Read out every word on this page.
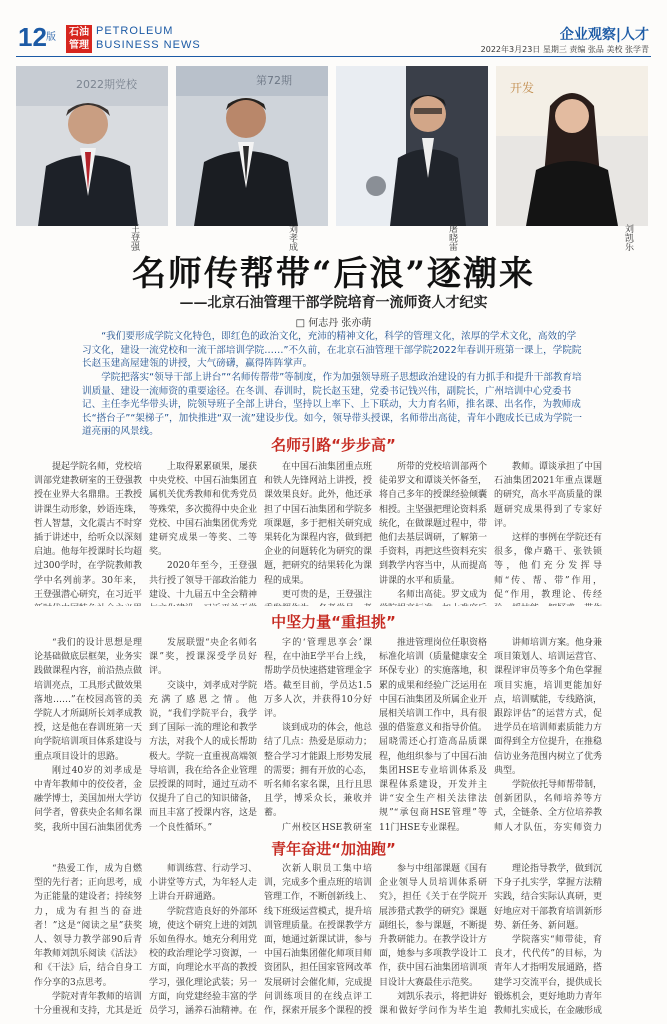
12 版	石油
管理
PETROLEUM
BUSINESS NEWS
企业观察|人才
2022年3月23日 星期三 责编 张品 美校 张学青
2022期党校	第72期
开发
王登强	刘孝成	屠晓雷	刘凯乐
名师传帮带“后浪”逐潮来
——北京石油管理干部学院培育一流师资人才纪实
□ 何志丹 张亦萌

“我们要形成学院文化特色，即红色的政治文化，充沛的精神文化，科学的管理文化，浓厚的学术文化，高效的学习文化，建设一流党校和一流干部培训学院……”不久前，在北京石油管理干部学院2022年春训开班第一课上，学院院长赵玉建高屋建瓴的讲授，大气磅礴，赢得阵阵掌声。

学院把落实“领导干部上讲台”“名师传帮带”等制度，作为加强领导班子思想政治建设的有力抓手和提升干部教育培训质量、建设一流师资的重要途径。在冬训、春训时，院长赵玉建，党委书记钱兴伟，副院长，广州培训中心党委书记、主任李光华带头讲，院领导班子全部上讲台，坚持以上率下、上下联动，大力育名师，推名课、出名作，为教师成长“搭台子”“架梯子”，加快推进“双一流”建设步伐。如今，领导带头授课，名师带出高徒，青年小跑成长已成为学院一道亮丽的风景线。

名师引路“步步高”

提起学院名师，党校培训部党建教研室的王登强教授在业界大名鼎鼎。王教授讲课生动形象，妙语连珠，哲人智慧，文化震古不时穿插于讲述中，给听众以深刻启迪。他每年授课时长均超过300学时，在学院教师教学中名列前茅。30年来，王登强潜心研究，在习近平

上取得累累硕果，屡获中央党校、中国石油集团直属机关优秀教师和优秀党员等殊荣，多次揽得中央企业党校、中国石油集团优秀党建研究成果一等奖、二等奖。

2020年至今，王登强共行授了领导干部政治能力建设、十九届五中全会精神

在中国石油集团重点班和铁人先锋网站上讲授，授课效果良好。此外，他还承担了中国石油集团和学院多项课题，多于把相关研究成果转化为课程内容，做到把企业的问题转化为研究的课题，把研究的结果转化为课程的成果。

更可贵的是，王登强注

所带的党校培训部两个徒弟罗文和谭谈关怀备至，将自己多年的授课经验倾囊相授。主坚强把理论资料系统化，在做课题过程中，带他们去基层调研，了解第一手资料，再把这些资料充实到教学内容当中，从而提高讲课的水平和质量。

名师出高徒。罗文成为

教师。谭谈承担了中国石油集团2021年重点课题的研究，高水平高质量的课题研究成果得到了专家好评。

这样的事例在学院还有很多，像卢璐干、张铁锁等，他们充分发挥导师“传、帮、带”作用，促“作用，教理论、传经

中坚力量“重担挑”

“我们的设计思想是理论基础做底层框架，业务实践做课程内容，前沿热点做培训亮点，工具形式做效果落地……”在校园高管的美学院人才所副所长刘孝成教授，这是他在春训班第一天向学院培训项目体系建设与重点项目设计的思路。

刚过40岁的刘孝成是中青年教师中的佼佼者，金融学博士，美国加州大学访问学者，曾获央企名师名课奖，我所中国石油集团优秀

发展联盟“央企名师名课”奖，授课深受学员好评。

交谈中，刘孝成对学院充满了感恩之情。他说，“我们学院平台，我学到了国际一流的理论和教学方法，对我个人的成长帮助极大。学院一直重视高端领导培训，我在给各企业管理层授课的同时，通过互动不仅提升了自己的知识储备，而且丰富了授课内容，这是一个良性循环。”

字的‘管理思享会’课程，在中油E学平台上线，帮助学员快速搭建管理金字塔。截至目前，学员达1.5万多人次，并获得10分好评。

谈到成功的体会，他总结了几点：热爱是原动力；整合学习才能跟上形势发展的需要；拥有开放的心态，听名师名家名课，且行且思且学，博采众长，兼收并蓄。

广州校区HSE教研室

推进管理岗位任职资格标准化培训（质量健康安全环保专业）的实施落地，积累的成果和经验广泛运用在中国石油集团及所属企业开展相关培训工作中，具有很强的借鉴意义和指导价值。屈晓需还心打造高品质课程，他组织参与了中国石油集团HSE专业培训体系及课程体系建设，开发并主讲“安全生产相关法律法规”“承包商HSE管理”等11门HSE专业课程。

讲师培训方案。他身兼项目策划人、培训运营官、课程评审员等多个角色掌握项目实施，培训更能加好点，培训赋能，专线路演，跟踪评估”的运营方式，促进学员在培训师素质能力方面得到全方位提升，在推稳信访业务范围内树立了优秀典型。

学院依托导师帮带制，创新团队，名师培养等方式，全链条、全方位培养教师人才队伍，夯实师资力

青年奋进“加油跑”

“热爱工作，成为自燃型的先行者；正向思考，成为正能量的建设者；持续努力，成为有担当的奋进者！”这是“阅读之星”获奖人、领导力教学部90后青年教师刘凯乐阅读《活法》和《干法》后，结合自身工作分享的3点思考。

学院对青年教师的培训十分重视和支持，尤其是近

师训练营、行动学习、小讲堂等方式，为年轻人走上讲台开辟通路。

学院营造良好的外部环境，使这个研究上进的刘凯乐如鱼得水。她充分利用党校的政治理论学习资源，一方面，向理论水平高的教授学习，强化理论武装；另一方面，向党建经验丰富的学员学习，涵养石油精神。在

次新人职员工集中培训，完成多个重点班的培训管理工作，不断创新线上、线下班级运营模式，提升培训管理质量。在授课教学方面，她通过新课试讲，参与中国石油集团催化师项目师资团队，担任国家管网改革发展研讨会催化师，完成提问训练项目的在线点评工作，探索开展多个课程的授

参与中组部课题《国有企业领导人员培训体系研究》，担任《关于在学院开展涉猎式教学的研究》课题副组长，参与课题，不断提升教研能力。在教学设计方面，她参与多项教学设计工作，获中国石油集团培训项目设计大赛最佳示范奖。

刘凯乐表示，将把讲好课和做好学问作为毕生追

理论指导教学，做到沉下身子扎实学，掌握方法精实践，结合实际认真研，更好地应对干部教育培训新形势、新任务、新问题。

学院落实“师带徒，育良才，代代传”的目标，为青年人才指明发展通路，搭建学习交流平台，提供成长锻炼机会，更好地助力青年教师扎实成长，在金融形成
